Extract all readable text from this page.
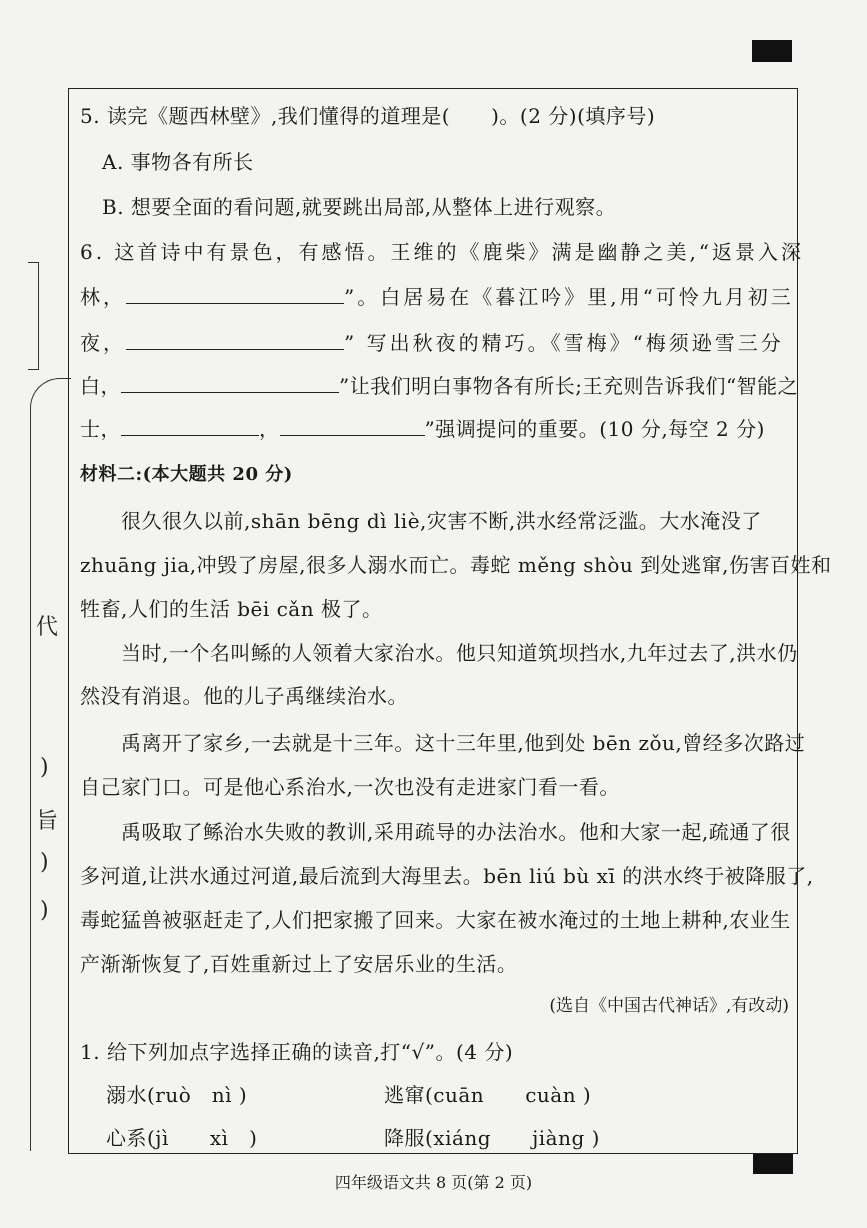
代
)
旨
)
)
5. 读完《题西林壁》,我们懂得的道理是(　　)。(2 分)(填序号)
A. 事物各有所长
B. 想要全面的看问题,就要跳出局部,从整体上进行观察。
6. 这首诗中有景色，有感悟。王维的《鹿柴》满是幽静之美,“返景入深
林，	”。白居易在《暮江吟》里,用“可怜九月初三
夜，	” 写出秋夜的精巧。《雪梅》“梅须逊雪三分
白，	”让我们明白事物各有所长;王充则告诉我们“智能之
士，	，	”强调提问的重要。(10 分,每空 2 分)
材料二:(本大题共 20 分)
　　很久很久以前,shān bēng dì liè,灾害不断,洪水经常泛滥。大水淹没了
zhuāng jia,冲毁了房屋,很多人溺水而亡。毒蛇 měng shòu 到处逃窜,伤害百姓和
牲畜,人们的生活 bēi cǎn 极了。
　　当时,一个名叫鲧的人领着大家治水。他只知道筑坝挡水,九年过去了,洪水仍
然没有消退。他的儿子禹继续治水。
　　禹离开了家乡,一去就是十三年。这十三年里,他到处 bēn zǒu,曾经多次路过
自己家门口。可是他心系治水,一次也没有走进家门看一看。
　　禹吸取了鲧治水失败的教训,采用疏导的办法治水。他和大家一起,疏通了很
多河道,让洪水通过河道,最后流到大海里去。bēn liú bù xī 的洪水终于被降服了,
毒蛇猛兽被驱赶走了,人们把家搬了回来。大家在被水淹过的土地上耕种,农业生
产渐渐恢复了,百姓重新过上了安居乐业的生活。
(选自《中国古代神话》,有改动)
1. 给下列加点字选择正确的读音,打“√”。(4 分)
溺水(ruò　nì )	逃窜(cuān　　cuàn )
心系(jì　　xì　)	降服(xiáng　　jiàng )
四年级语文共 8 页(第 2 页)
